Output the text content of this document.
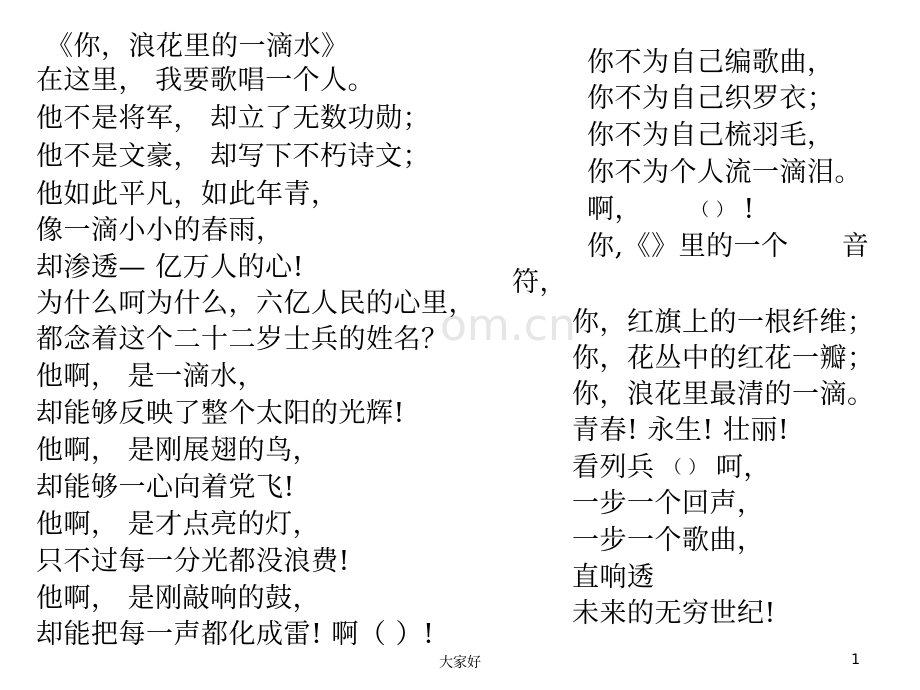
om.cn
《你，浪花里的一滴水》
在这里， 我要歌唱一个人。
他不是将军， 却立了无数功勋；
他不是文豪， 却写下不朽诗文；
他如此平凡，如此年青，
像一滴小小的春雨，
却渗透— 亿万人的心!
为什么呵为什么，六亿人民的心里，
都念着这个二十二岁士兵的姓名？
他啊， 是一滴水，
却能够反映了整个太阳的光辉!
他啊， 是刚展翅的鸟，
却能够一心向着党飞!
他啊， 是才点亮的灯，
只不过每一分光都没浪费!
他啊， 是刚敲响的鼓，
却能把每一声都化成雷! 啊（ ）!
你不为自己编歌曲，
你不为自己织罗衣；
你不为自己梳羽毛，
你不为个人流一滴泪。
啊，	（ ） !
你,《》里的一个 音
符，
你，红旗上的一根纤维；
你，花丛中的红花一瓣；
你，浪花里最清的一滴。
青春! 永生! 壮丽!
看列兵 （ ） 呵，
一步一个回声，
一步一个歌曲，
直响透
未来的无穷世纪!
大家好	1
